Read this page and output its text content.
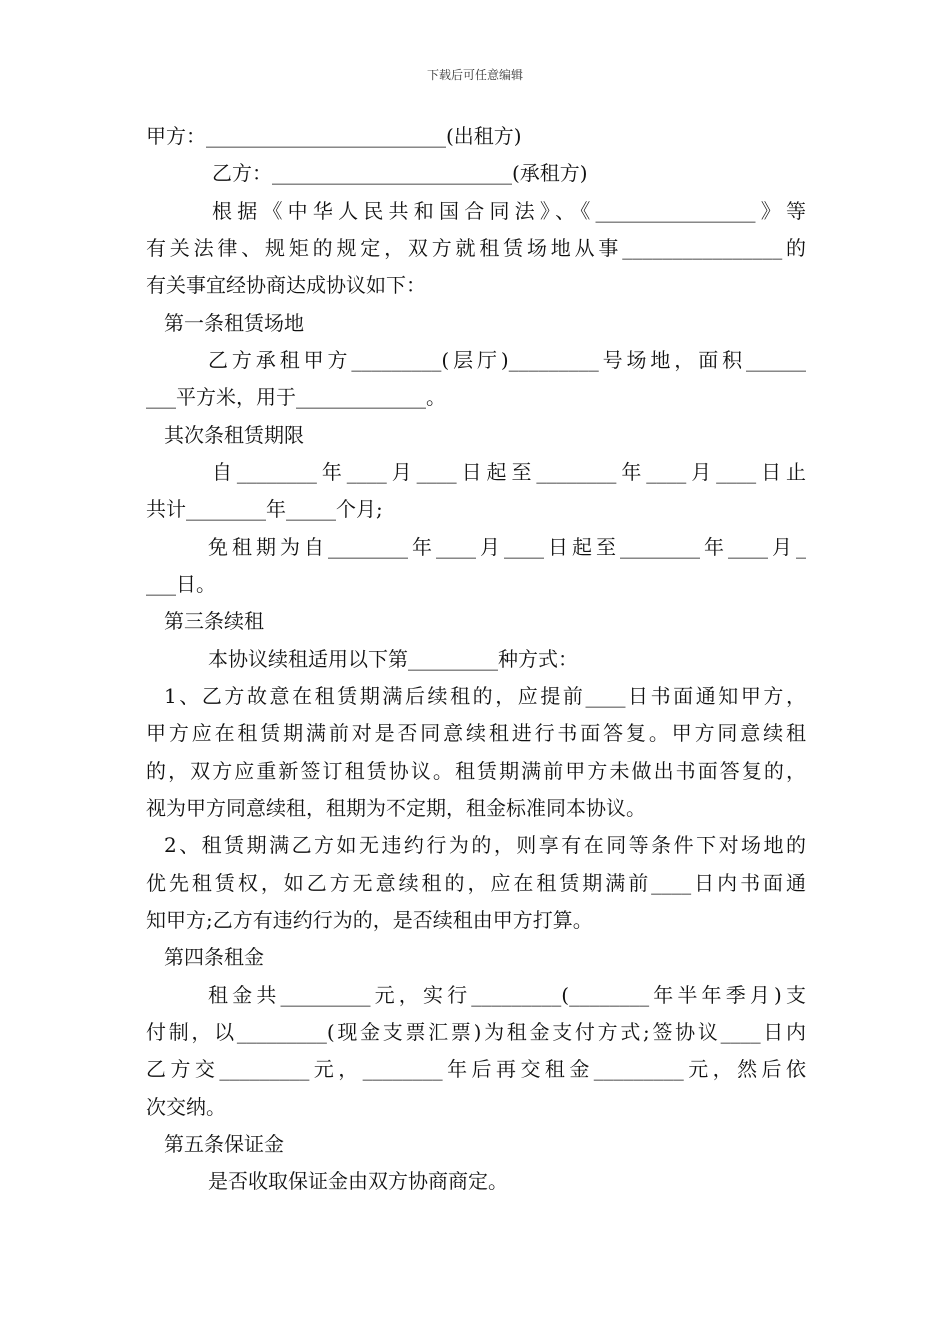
下载后可任意编辑
甲方：________________________(出租方)
乙方：________________________(承租方)
根据《中华人民共和国合同法》、《________________》等
有关法律、规矩的规定，双方就租赁场地从事________________的
有关事宜经协商达成协议如下：
第一条租赁场地
乙方承租甲方_________(层厅)_________号场地，面积______
___平方米，用于_____________。
其次条租赁期限
自________年____月____日起至________年____月____日止
共计________年_____个月;
免租期为自________年____月____日起至________年____月_
___日。
第三条续租
本协议续租适用以下第_________种方式：
1、乙方故意在租赁期满后续租的，应提前____日书面通知甲方，
甲方应在租赁期满前对是否同意续租进行书面答复。甲方同意续租
的，双方应重新签订租赁协议。租赁期满前甲方未做出书面答复的，
视为甲方同意续租，租期为不定期，租金标准同本协议。
2、租赁期满乙方如无违约行为的，则享有在同等条件下对场地的
优先租赁权，如乙方无意续租的，应在租赁期满前____日内书面通
知甲方;乙方有违约行为的，是否续租由甲方打算。
第四条租金
租金共_________元，实行_________(________年半年季月)支
付制，以_________(现金支票汇票)为租金支付方式;签协议____日内
乙方交_________元，________年后再交租金_________元，然后依
次交纳。
第五条保证金
是否收取保证金由双方协商商定。
